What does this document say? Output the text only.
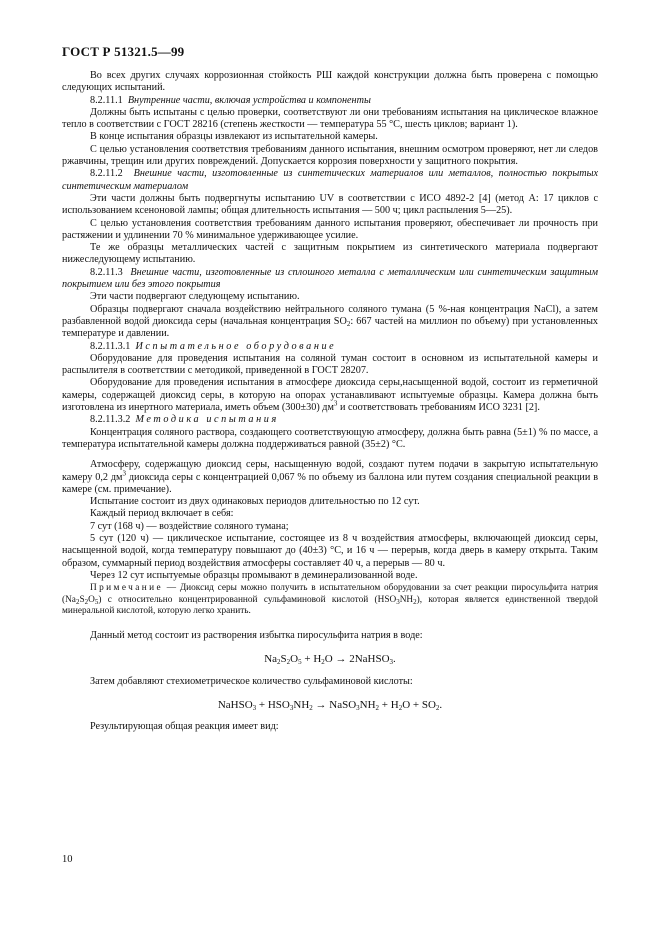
ГОСТ Р 51321.5—99

Во всех других случаях коррозионная стойкость РШ каждой конструкции должна быть проверена с помощью следующих испытаний.

8.2.11.1 Внутренние части, включая устройства и компоненты

Должны быть испытаны с целью проверки, соответствуют ли они требованиям испытания на циклическое влажное тепло в соответствии с ГОСТ 28216 (степень жесткости — температура 55 °С, шесть циклов; вариант 1).

В конце испытания образцы извлекают из испытательной камеры.

С целью установления соответствия требованиям данного испытания, внешним осмотром проверяют, нет ли следов ржавчины, трещин или других повреждений. Допускается коррозия поверхности у защитного покрытия.

8.2.11.2 Внешние части, изготовленные из синтетических материалов или металлов, полностью покрытых синтетическим материалом

Эти части должны быть подвергнуты испытанию UV в соответствии с ИСО 4892-2 [4] (метод А: 17 циклов с использованием ксеноновой лампы; общая длительность испытания — 500 ч; цикл распыления 5—25).

С целью установления соответствия требованиям данного испытания проверяют, обеспечивает ли прочность при растяжении и удлинении 70 % минимальное удерживающее усилие.

Те же образцы металлических частей с защитным покрытием из синтетического материала подвергают нижеследующему испытанию.

8.2.11.3 Внешние части, изготовленные из сплошного металла с металлическим или синтетическим защитным покрытием или без этого покрытия

Эти части подвергают следующему испытанию.

Образцы подвергают сначала воздействию нейтрального соляного тумана (5 %-ная концентрация NaCl), а затем разбавленной водой диоксида серы (начальная концентрация $SO_2$: 667 частей на миллион по объему) при установленных температуре и давлении.

8.2.11.3.1 Испытательное оборудование

Оборудование для проведения испытания на соляной туман состоит в основном из испытательной камеры и распылителя в соответствии с методикой, приведенной в ГОСТ 28207.

Оборудование для проведения испытания в атмосфере диоксида серы,насыщенной водой, состоит из герметичной камеры, содержащей диоксид серы, в которую на опорах устанавливают испытуемые образцы. Камера должна быть изготовлена из инертного материала, иметь объем (300±30) $дм^3$ и соответствовать требованиям ИСО 3231 [2].

8.2.11.3.2 Методика испытания

Концентрация соляного раствора, создающего соответствующую атмосферу, должна быть равна (5±1) % по массе, а температура испытательной камеры должна поддерживаться равной (35±2) °С.

Атмосферу, содержащую диоксид серы, насыщенную водой, создают путем подачи в закрытую испытательную камеру 0,2 $дм^3$ диоксида серы с концентрацией 0,067 % по объему из баллона или путем создания специальной реакции в камере (см. примечание).

Испытание состоит из двух одинаковых периодов длительностью по 12 сут.

Каждый период включает в себя:

7 сут (168 ч) — воздействие соляного тумана;

5 сут (120 ч) — циклическое испытание, состоящее из 8 ч воздействия атмосферы, включающей диоксид серы, насыщенной водой, когда температуру повышают до (40±3) °С, и 16 ч — перерыв, когда дверь в камеру открыта. Таким образом, суммарный период воздействия атмосферы составляет 40 ч, а перерыв — 80 ч.

Через 12 сут испытуемые образцы промывают в деминерализованной воде.

Примечание — Диоксид серы можно получить в испытательном оборудовании за счет реакции пиросульфита натрия $(Na_2S_2O_5)$ с относительно концентрированной сульфаминовой кислотой $(HSO_3NH_2)$, которая является единственной твердой минеральной кислотой, которую легко хранить.

Данный метод состоит из растворения избытка пиросульфита натрия в воде:

$Na_2S_2O_5 + H_2O$ → 2NaHSO$_3$.

Затем добавляют стехиометрическое количество сульфаминовой кислоты:

NaHSO$_3$ + $HSO_3NH_2$ → $NaSO_3NH_2 + H_2O + SO_2$.

Результирующая общая реакция имеет вид:

10
